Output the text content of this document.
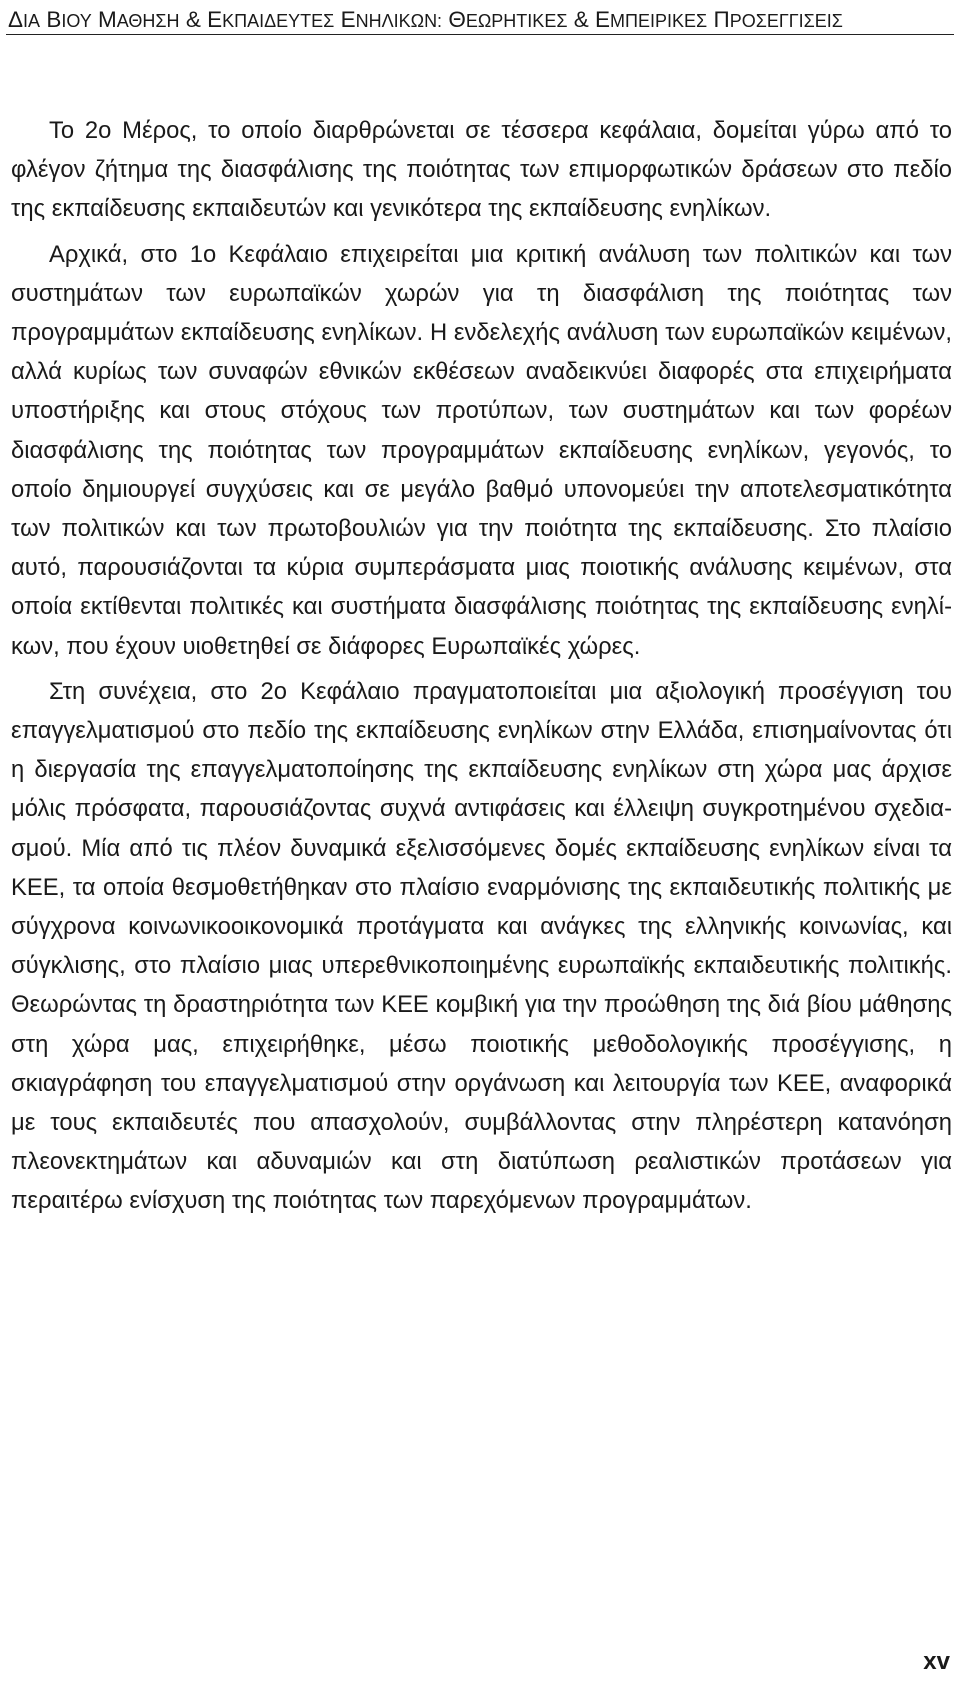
ΔΙΑ ΒΙΟΥ ΜΑΘΗΣΗ & ΕΚΠΑΙΔΕΥΤΕΣ ΕΝΗΛΙΚΩΝ: ΘΕΩΡΗΤΙΚΕΣ & ΕΜΠΕΙΡΙΚΕΣ ΠΡΟΣΕΓΓΙΣΕΙΣ

Το 2ο Μέρος, το οποίο διαρθρώνεται σε τέσσερα κεφάλαια, δομείται γύρω από το φλέγον ζήτημα της διασφάλισης της ποιότητας των επιμορφωτικών δράσεων στο πεδίο της εκπαίδευσης εκπαιδευτών και γενικότερα της εκπαίδευσης ενηλίκων.

Αρχικά, στο 1ο Κεφάλαιο επιχειρείται μια κριτική ανάλυση των πολιτικών και των συστημάτων των ευρωπαϊκών χωρών για τη διασφάλιση της ποιότητας των προγραμμάτων εκπαίδευσης ενηλίκων. Η ενδελεχής ανάλυση των ευρωπαϊκών κειμένων, αλλά κυρίως των συναφών εθνικών εκθέσεων αναδεικνύει διαφορές στα επιχειρήματα υποστήριξης και στους στόχους των προτύπων, των συστημάτων και των φορέων διασφάλισης της ποιότητας των προγραμμάτων εκπαίδευσης ενηλίκων, γεγονός, το οποίο δημιουργεί συγχύσεις και σε μεγάλο βαθμό υπονομεύει την αποτελεσματικότητα των πολιτικών και των πρωτοβουλιών για την ποιότητα της εκπαίδευσης. Στο πλαίσιο αυτό, παρουσιάζονται τα κύρια συμπεράσματα μιας ποιοτικής ανάλυσης κειμένων, στα οποία εκτίθενται πολιτικές και συστήματα διασφάλισης ποιότητας της εκπαίδευσης ενηλίκων, που έχουν υιοθετηθεί σε διάφορες Ευρωπαϊκές χώρες.

Στη συνέχεια, στο 2ο Κεφάλαιο πραγματοποιείται μια αξιολογική προσέγγιση του επαγγελματισμού στο πεδίο της εκπαίδευσης ενηλίκων στην Ελλάδα, επισημαίνοντας ότι η διεργασία της επαγγελματοποίησης της εκπαίδευσης ενηλίκων στη χώρα μας άρχισε μόλις πρόσφατα, παρουσιάζοντας συχνά αντιφάσεις και έλλειψη συγκροτημένου σχεδιασμού. Μία από τις πλέον δυναμικά εξελισσόμενες δομές εκπαίδευσης ενηλίκων είναι τα ΚΕΕ, τα οποία θεσμοθετήθηκαν στο πλαίσιο εναρμόνισης της εκπαιδευτικής πολιτικής με σύγχρονα κοινωνικοοικονομικά προτάγματα και ανάγκες της ελληνικής κοινωνίας, και σύγκλισης, στο πλαίσιο μιας υπερεθνικοποιημένης ευρωπαϊκής εκπαιδευτικής πολιτικής. Θεωρώντας τη δραστηριότητα των ΚΕΕ κομβική για την προώθηση της διά βίου μάθησης στη χώρα μας, επιχειρήθηκε, μέσω ποιοτικής μεθοδολογικής προσέγγισης, η σκιαγράφηση του επαγγελματισμού στην οργάνωση και λειτουργία των ΚΕΕ, αναφορικά με τους εκπαιδευτές που απασχολούν, συμβάλλοντας στην πληρέστερη κατανόηση πλεονεκτημάτων και αδυναμιών και στη διατύπωση ρεαλιστικών προτάσεων για περαιτέρω ενίσχυση της ποιότητας των παρεχόμενων προγραμμάτων.

xv
